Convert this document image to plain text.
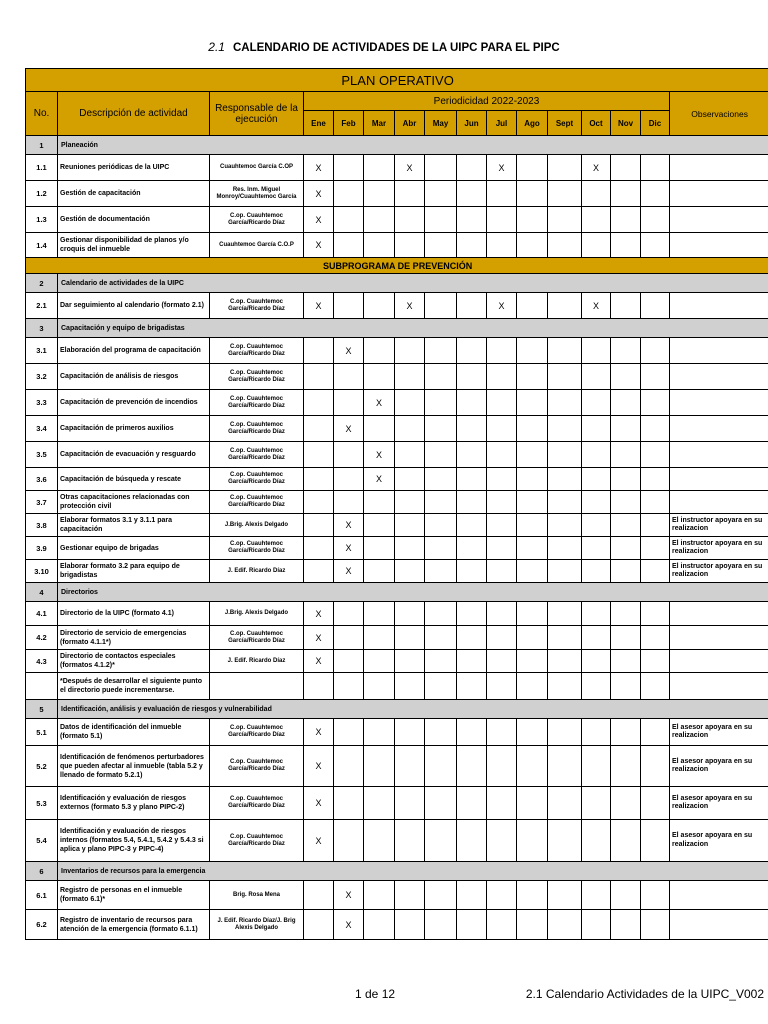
2.1 CALENDARIO DE ACTIVIDADES DE LA UIPC PARA EL PIPC
PLAN OPERATIVO															
No.	Descripción de actividad	Responsable de la ejecución	Periodicidad 2022-2023												Observaciones
			Ene	Feb	Mar	Abr	May	Jun	Jul	Ago	Sept	Oct	Nov	Dic	
1	Planeación														
1.1	Reuniones periódicas de la UIPC	Cuauhtemoc García C.OP	X			X			X			X			
1.2	Gestión de capacitación	Res. Inm. Miguel Monroy/Cuauhtemoc García	X												
1.3	Gestión de documentación	C.op. Cuauhtemoc García/Ricardo Díaz	X												
1.4	Gestionar disponibilidad de planos y/o croquis del inmueble	Cuauhtemoc García C.O.P	X												
SUBPROGRAMA DE PREVENCIÓN															
2	Calendario de actividades de la UIPC														
2.1	Dar seguimiento al calendario (formato 2.1)	C.op. Cuauhtemoc García/Ricardo Díaz	X			X			X			X			
3	Capacitación y equipo de brigadistas														
3.1	Elaboración del programa de capacitación	C.op. Cuauhtemoc García/Ricardo Díaz		X											
3.2	Capacitación de análisis de riesgos	C.op. Cuauhtemoc García/Ricardo Díaz													
3.3	Capacitación de prevención de incendios	C.op. Cuauhtemoc García/Ricardo Díaz			X										
3.4	Capacitación de primeros auxilios	C.op. Cuauhtemoc García/Ricardo Díaz		X											
3.5	Capacitación de evacuación y resguardo	C.op. Cuauhtemoc García/Ricardo Díaz			X										
3.6	Capacitación de búsqueda y rescate	C.op. Cuauhtemoc García/Ricardo Díaz			X										
3.7	Otras capacitaciones relacionadas con protección civil	C.op. Cuauhtemoc García/Ricardo Díaz													
3.8	Elaborar formatos 3.1 y 3.1.1 para capacitación	J.Brig. Alexis Delgado		X											El instructor apoyara en su realizacion
3.9	Gestionar equipo de brigadas	C.op. Cuauhtemoc García/Ricardo Díaz		X											El instructor apoyara en su realizacion
3.10	Elaborar formato 3.2 para equipo de brigadistas	J. Edif. Ricardo Díaz		X											El instructor apoyara en su realizacion
4	Directorios														
4.1	Directorio de la UIPC (formato 4.1)	J.Brig. Alexis Delgado	X												
4.2	Directorio de servicio de emergencias (formato 4.1.1*)	C.op. Cuauhtemoc García/Ricardo Díaz	X												
4.3	Directorio de contactos especiales (formatos 4.1.2)*	J. Edif. Ricardo Díaz	X												
	*Después de desarrollar el siguiente punto el directorio puede incrementarse.														
5	Identificación, análisis y evaluación de riesgos y vulnerabilidad														
5.1	Datos de identificación del inmueble (formato 5.1)	C.op. Cuauhtemoc García/Ricardo Díaz	X												El asesor apoyara en su realizacion
5.2	Identificación de fenómenos perturbadores que pueden afectar al inmueble (tabla 5.2 y llenado de formato 5.2.1)	C.op. Cuauhtemoc García/Ricardo Díaz	X												El asesor apoyara en su realizacion
5.3	Identificación y evaluación de riesgos externos (formato 5.3 y plano PIPC-2)	C.op. Cuauhtemoc García/Ricardo Díaz	X												El asesor apoyara en su realizacion
5.4	Identificación y evaluación de riesgos internos (formatos 5.4, 5.4.1, 5.4.2 y 5.4.3 si aplica y plano PIPC-3 y PIPC-4)	C.op. Cuauhtemoc García/Ricardo Díaz	X												El asesor apoyara en su realizacion
6	Inventarios de recursos para la emergencia														
6.1	Registro de personas en el inmueble (formato 6.1)*	Brig. Rosa Mena		X											
6.2	Registro de inventario de recursos para atención de la emergencia (formato 6.1.1)	J. Edif. Ricardo Díaz/J. Brig Alexis Delgado		X											
1 de 12	2.1 Calendario Actividades de la UIPC_V002
